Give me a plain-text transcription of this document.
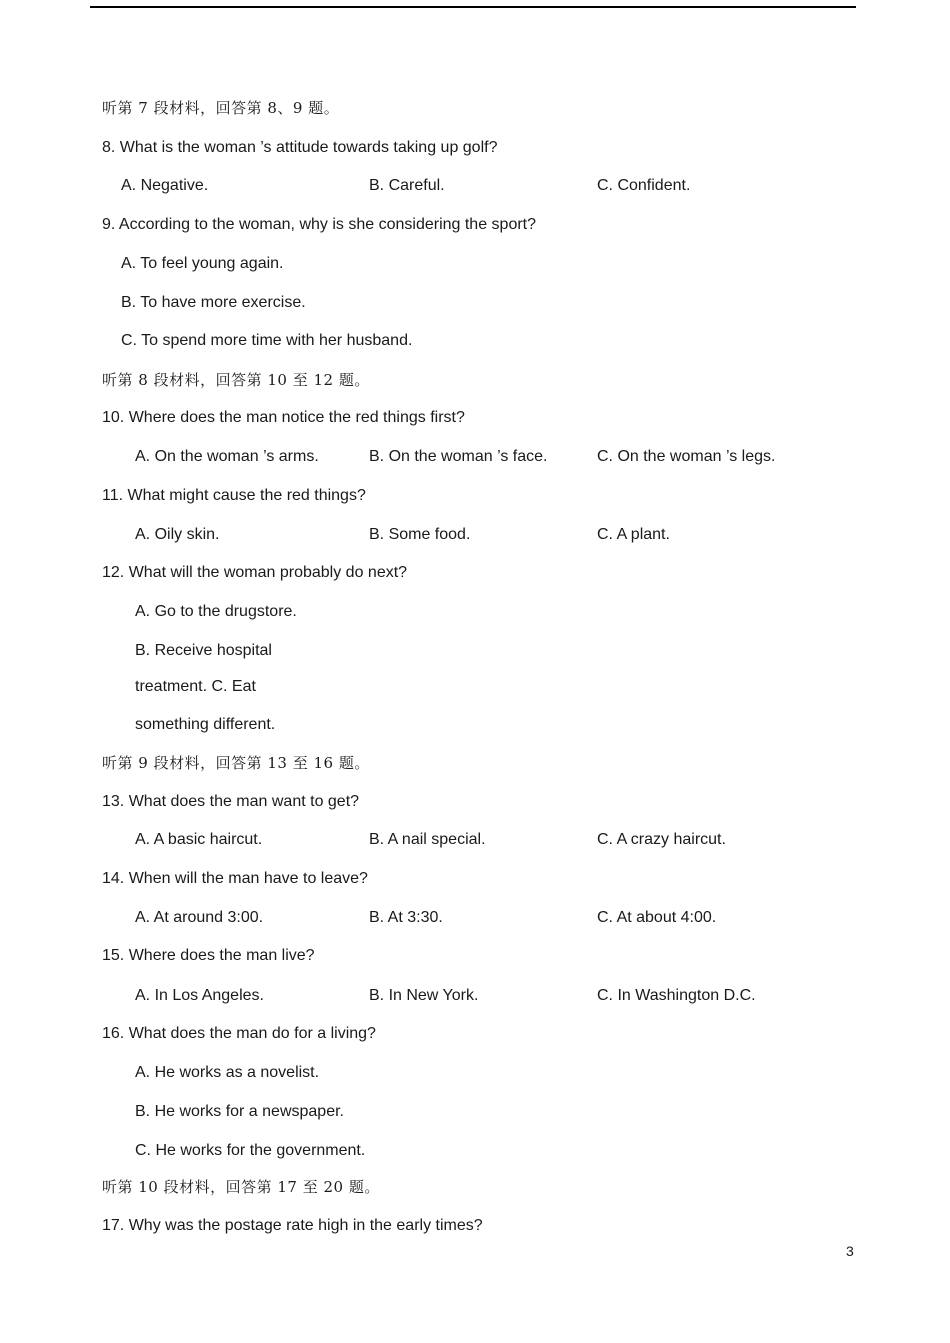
听第 7 段材料，回答第 8、9 题。
8. What is the woman ’s attitude towards taking up golf?
A. Negative.	B. Careful.	C. Confident.
9. According to the woman, why is she considering the sport?
A. To feel young again.
B. To have more exercise.
C. To spend more time with her husband.
听第 8 段材料，回答第 10 至 12 题。
10. Where does the man notice the red things first?
A. On the woman ’s arms.	B. On the woman ’s face.	C. On the woman ’s legs.
11. What might cause the red things?
A. Oily skin.	B. Some food.	C. A plant.
12. What will the woman probably do next?
A. Go to the drugstore.
B. Receive hospital
treatment. C. Eat
something different.
听第 9 段材料，回答第 13 至 16 题。
13. What does the man want to get?
A. A basic haircut.	B. A nail special.	C. A crazy haircut.
14. When will the man have to leave?
A. At around 3:00.	B. At 3:30.	C. At about 4:00.
15. Where does the man live?
A. In Los Angeles.	B. In New York.	C. In Washington D.C.
16. What does the man do for a living?
A. He works as a novelist.
B. He works for a newspaper.
C. He works for the government.
听第 10 段材料，回答第 17 至 20 题。
17. Why was the postage rate high in the early times?
3
